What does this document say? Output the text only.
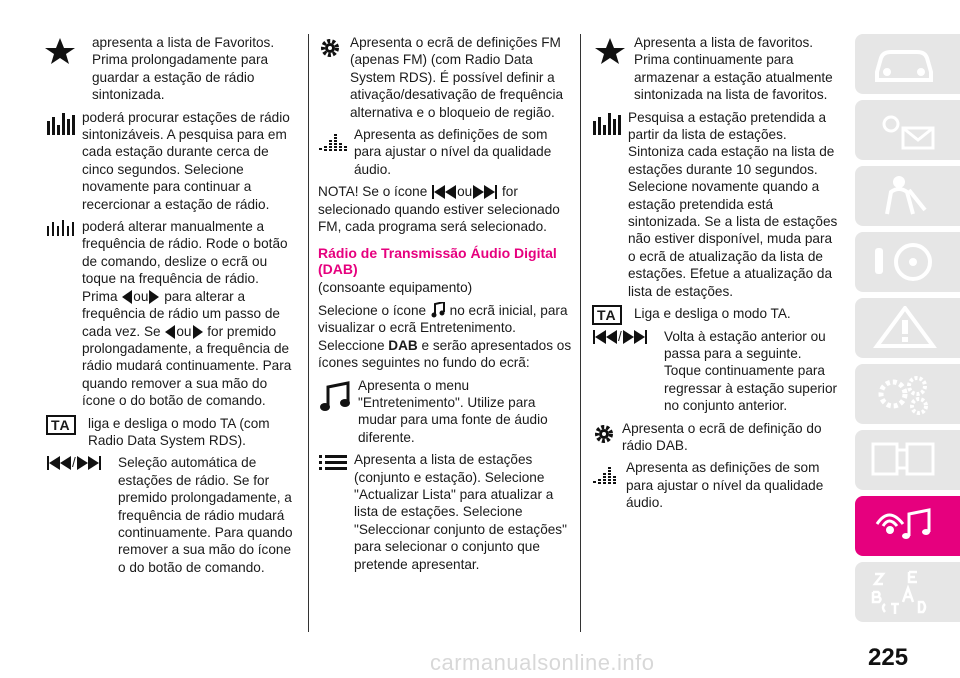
apresenta a lista de Favoritos. Prima prolongadamente para guardar a estação de rádio sintonizada.
poderá procurar estações de rádio sintonizáveis. A pesquisa para em cada estação durante cerca de cinco segundos. Selecione novamente para continuar a recercionar a estação de rádio.
poderá alterar manualmente a frequência de rádio. Rode o botão de comando, deslize o ecrã ou toque na frequência de rádio. Prima ou para alterar a frequência de rádio um passo de cada vez. Se ou for premido prolongadamente, a frequência de rádio mudará continuamente. Para quando remover a sua mão do ícone o do botão de comando.
TA	liga e desliga o modo TA (com Radio Data System RDS).
/	Seleção automática de estações de rádio. Se for premido prolongadamente, a frequência de rádio mudará continuamente. Para quando remover a sua mão do ícone o do botão de comando.
Apresenta o ecrã de definições FM (apenas FM) (com Radio Data System RDS). É possível definir a ativação/desativação de frequência alternativa e o bloqueio de região.
Apresenta as definições de som para ajustar o nível da qualidade áudio.

NOTA! Se o ícone ou for selecionado quando estiver selecionado FM, cada programa será selecionado.

Rádio de Transmissão Áudio Digital (DAB)

(consoante equipamento)

Selecione o ícone no ecrã inicial, para visualizar o ecrã Entretenimento. Seleccione DAB e serão apresentados os ícones seguintes no fundo do ecrã:

Apresenta o menu "Entretenimento". Utilize para mudar para uma fonte de áudio diferente.
Apresenta a lista de estações (conjunto e estação). Selecione "Actualizar Lista" para atualizar a lista de estações. Selecione "Seleccionar conjunto de estações" para selecionar o conjunto que pretende apresentar.
Apresenta a lista de favoritos. Prima continuamente para armazenar a estação atualmente sintonizada na lista de favoritos.
Pesquisa a estação pretendida a partir da lista de estações. Sintoniza cada estação na lista de estações durante 10 segundos. Selecione novamente quando a estação pretendida está sintonizada. Se a lista de estações não estiver disponível, muda para o ecrã de atualização da lista de estações. Efetue a atualização da lista de estações.
TA	Liga e desliga o modo TA.
/	Volta à estação anterior ou passa para a seguinte. Toque continuamente para regressar à estação superior no conjunto anterior.
Apresenta o ecrã de definição do rádio DAB.
Apresenta as definições de som para ajustar o nível da qualidade áudio.
225
carmanualsonline.info
